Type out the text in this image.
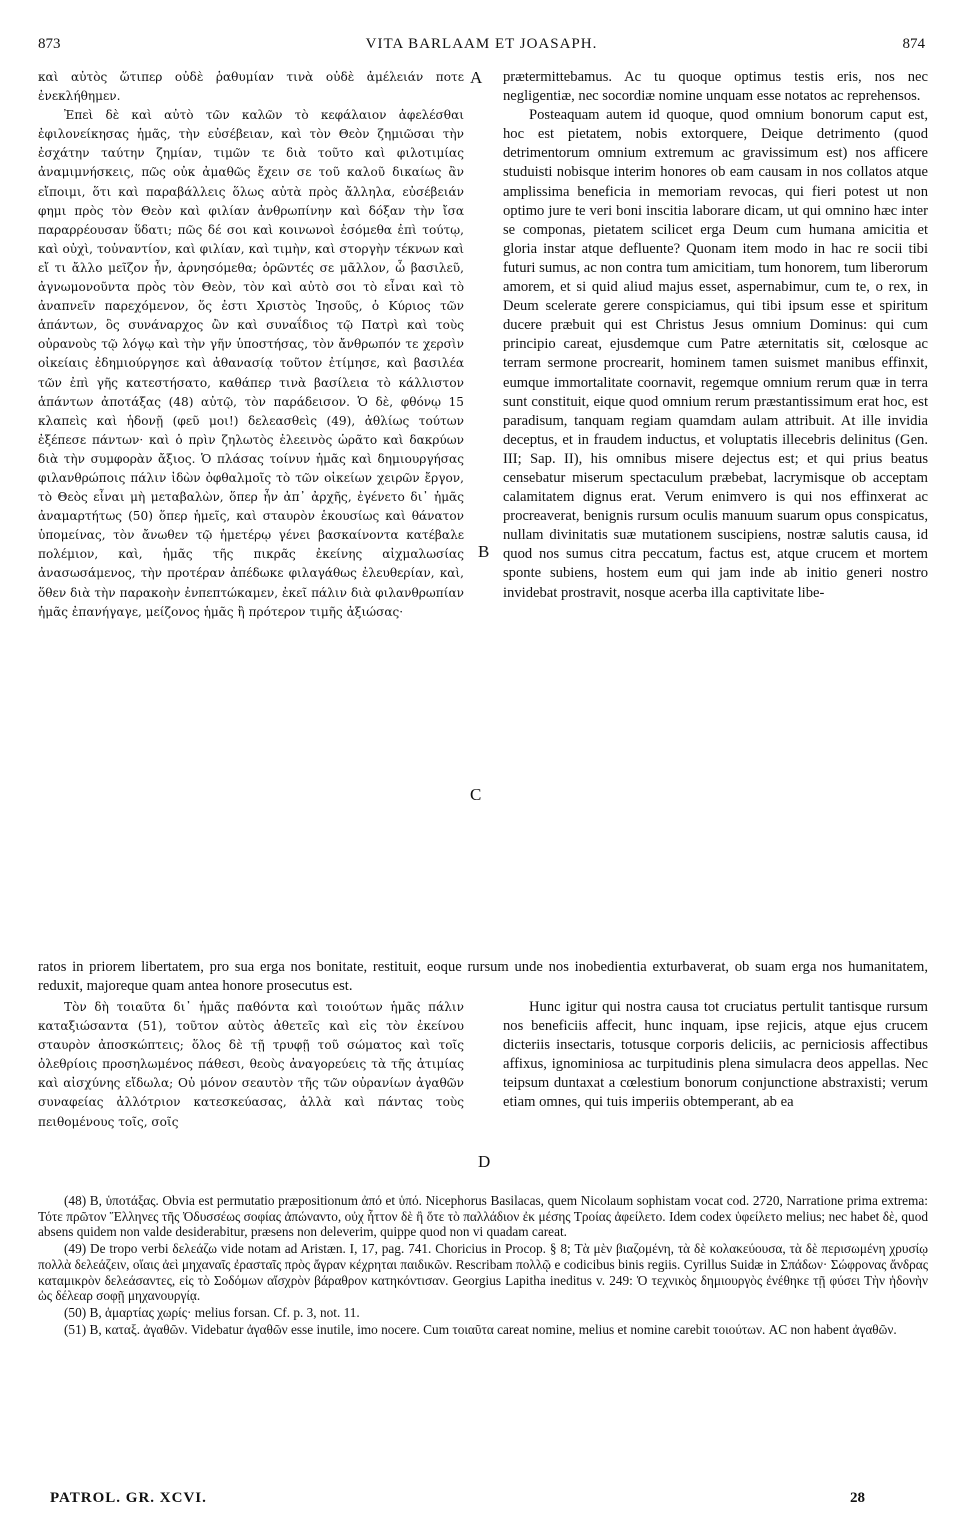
873	VITA BARLAAM ET JOASAPH.	874

καὶ αὐτὸς ὥτιπερ οὐδὲ ῥαθυμίαν τινὰ οὐδὲ ἀμέλειάν ποτε ἐνεκλήθημεν.

Ἐπεὶ δὲ καὶ αὐτὸ τῶν καλῶν τὸ κεφάλαιον ἀφελέσθαι ἐφιλονείκησας ἡμᾶς, τὴν εὐσέβειαν, καὶ τὸν Θεὸν ζημιῶσαι τὴν ἐσχάτην ταύτην ζημίαν, τιμῶν τε διὰ τοῦτο καὶ φιλοτιμίας ἀναμιμνήσκεις, πῶς οὐκ ἀμαθῶς ἔχειν σε τοῦ καλοῦ δικαίως ἂν εἴποιμι, ὅτι καὶ παραβάλλεις ὅλως αὐτὰ πρὸς ἄλληλα, εὐσέβειάν φημι πρὸς τὸν Θεὸν καὶ φιλίαν ἀνθρωπίνην καὶ δόξαν τὴν ἴσα παραρρέουσαν ὕδατι; πῶς δέ σοι καὶ κοινωνοὶ ἐσόμεθα ἐπὶ τούτῳ, καὶ οὐχὶ, τοὐναντίον, καὶ φιλίαν, καὶ τιμὴν, καὶ στοργὴν τέκνων καὶ εἴ τι ἄλλο μεῖζον ἦν, ἀρνησόμεθα; ὁρῶντές σε μᾶλλον, ὦ βασιλεῦ, ἀγνωμονοῦντα πρὸς τὸν Θεὸν, τὸν καὶ αὐτὸ σοι τὸ εἶναι καὶ τὸ ἀναπνεῖν παρεχόμενον, ὅς ἐστι Χριστὸς Ἰησοῦς, ὁ Κύριος τῶν ἁπάντων, ὃς συνάναρχος ὢν καὶ συναΐδιος τῷ Πατρὶ καὶ τοὺς οὐρανοὺς τῷ λόγῳ καὶ τὴν γῆν ὑποστήσας, τὸν ἄνθρωπόν τε χερσὶν οἰκείαις ἐδημιούργησε καὶ ἀθανασίᾳ τοῦτον ἐτίμησε, καὶ βασιλέα τῶν ἐπὶ γῆς κατεστήσατο, καθάπερ τινὰ βασίλεια τὸ κάλλιστον ἁπάντων ἀποτάξας (48) αὐτῷ, τὸν παράδεισον. Ὁ δὲ, φθόνῳ 15 κλαπεὶς καὶ ἡδονῇ (φεῦ μοι!) δελεασθεὶς (49), ἀθλίως τούτων ἐξέπεσε πάντων· καὶ ὁ πρὶν ζηλωτὸς ἐλεεινὸς ὡρᾶτο καὶ δακρύων διὰ τὴν συμφορὰν ἄξιος. Ὁ πλάσας τοίνυν ἡμᾶς καὶ δημιουργήσας φιλανθρώποις πάλιν ἰδὼν ὀφθαλμοῖς τὸ τῶν οἰκείων χειρῶν ἔργον, τὸ Θεὸς εἶναι μὴ μεταβαλὼν, ὅπερ ἦν ἀπ᾽ ἀρχῆς, ἐγένετο δι᾽ ἡμᾶς ἀναμαρτήτως (50) ὅπερ ἡμεῖς, καὶ σταυρὸν ἑκουσίως καὶ θάνατον ὑπομείνας, τὸν ἄνωθεν τῷ ἡμετέρῳ γένει βασκαίνοντα κατέβαλε πολέμιον, καὶ, ἡμᾶς τῆς πικρᾶς ἐκείνης αἰχμαλωσίας ἀνασωσάμενος, τὴν προτέραν ἀπέδωκε φιλαγάθως ἐλευθερίαν, καὶ, ὅθεν διὰ τὴν παρακοὴν ἐνπεπτώκαμεν, ἐκεῖ πάλιν διὰ φιλανθρωπίαν ἡμᾶς ἐπανήγαγε, μείζονος ἡμᾶς ἢ πρότερον τιμῆς ἀξιώσας·

prætermittebamus. Ac tu quoque optimus testis eris, nos nec negligentiæ, nec socordiæ nomine unquam esse notatos ac reprehensos.

Posteaquam autem id quoque, quod omnium bonorum caput est, hoc est pietatem, nobis extorquere, Deique detrimento (quod detrimentorum omnium extremum ac gravissimum est) nos afficere studuisti nobisque interim honores ob eam causam in nos collatos atque amplissima beneficia in memoriam revocas, qui fieri potest ut non optimo jure te veri boni inscitia laborare dicam, ut qui omnino hæc inter se componas, pietatem scilicet erga Deum cum humana amicitia et gloria instar atque defluente? Quonam item modo in hac re socii tibi futuri sumus, ac non contra tum amicitiam, tum honorem, tum liberorum amorem, et si quid aliud majus esset, aspernabimur, cum te, o rex, in Deum scelerate gerere conspiciamus, qui tibi ipsum esse et spiritum ducere præbuit qui est Christus Jesus omnium Dominus: qui cum principio careat, ejusdemque cum Patre æternitatis sit, cœlosque ac terram sermone procrearit, hominem tamen suismet manibus effinxit, eumque immortalitate coornavit, regemque omnium rerum quæ in terra sunt constituit, eique quod omnium rerum præstantissimum erat hoc, est paradisum, tanquam regiam quamdam aulam attribuit. At ille invidia deceptus, et in fraudem inductus, et voluptatis illecebris delinitus (Gen. III; Sap. II), his omnibus misere dejectus est; et qui prius beatus censebatur miserum spectaculum præbebat, lacrymisque ob acceptam calamitatem dignus erat. Verum enimvero is qui nos effinxerat ac procreaverat, benignis rursum oculis manuum suarum opus conspicatus, nullam divinitatis suæ mutationem suscipiens, nostræ salutis causa, id quod nos sumus citra peccatum, factus est, atque crucem et mortem sponte subiens, hostem eum qui jam inde ab initio generi nostro invidebat prostravit, nosque acerba illa captivitate libe-

A
B
C
D
ratos in priorem libertatem, pro sua erga nos bonitate, restituit, eoque rursum unde nos inobedientia exturbaverat, ob suam erga nos humanitatem, reduxit, majoreque quam antea honore prosecutus est.

Τὸν δὴ τοιαῦτα δι᾽ ἡμᾶς παθόντα καὶ τοιούτων ἡμᾶς πάλιν καταξιώσαντα (51), τοῦτον αὐτὸς ἀθετεῖς καὶ εἰς τὸν ἐκείνου σταυρὸν ἀποσκώπτεις; ὅλος δὲ τῇ τρυφῇ τοῦ σώματος καὶ τοῖς ὀλεθρίοις προσηλωμένος πάθεσι, θεοὺς ἀναγορεύεις τὰ τῆς ἀτιμίας καὶ αἰσχύνης εἴδωλα; Οὐ μόνον σεαυτὸν τῆς τῶν οὐρανίων ἀγαθῶν συναφείας ἀλλότριον κατεσκεύασας, ἀλλὰ καὶ πάντας τοὺς πειθομένους τοῖς, σοῖς

Hunc igitur qui nostra causa tot cruciatus pertulit tantisque rursum nos beneficiis affecit, hunc inquam, ipse rejicis, atque ejus crucem dicteriis insectaris, totusque corporis deliciis, ac perniciosis affectibus affixus, ignominiosa ac turpitudinis plena simulacra deos appellas. Nec teipsum duntaxat a cœlestium bonorum conjunctione abstraxisti; verum etiam omnes, qui tuis imperiis obtemperant, ab ea

(48) B, ὑποτάξας. Obvia est permutatio præpositionum ἀπό et ὑπό. Nicephorus Basilacas, quem Nicolaum sophistam vocat cod. 2720, Narratione prima extrema: Τότε πρῶτον Ἕλληνες τῆς Ὀδυσσέως σοφίας ἀπώναντο, οὐχ ἧττον δὲ ἢ ὅτε τὸ παλλάδιον ἐκ μέσης Τροίας ἀφείλετο. Idem codex ὑφείλετο melius; nec habet δὲ, quod absens quidem non valde desiderabitur, præsens non deleverim, quippe quod non vi quadam careat.

(49) De tropo verbi δελεάζω vide notam ad Aristæn. I, 17, pag. 741. Choricius in Procop. § 8; Τὰ μὲν βιαζομένη, τὰ δὲ κολακεύουσα, τὰ δὲ περισωμένη χρυσίῳ πολλὰ δελεάζειν, οἵαις ἀεὶ μηχαναῖς ἐρασταῖς πρὸς ἄγραν κέχρηται παιδικῶν. Rescribam πολλῷ e codicibus binis regiis. Cyrillus Suidæ in Σπάδων· Σώφρονας ἄνδρας καταμικρὸν δελεάσαντες, εἰς τὸ Σοδόμων αἴσχρὸν βάραθρον κατηκόντισαν. Georgius Lapitha ineditus v. 249: Ὁ τεχνικὸς δημιουργὸς ἐνέθηκε τῇ φύσει Τὴν ἡδονὴν ὡς δέλεαρ σοφῇ μηχανουργίᾳ.

(50) B, ἁμαρτίας χωρίς· melius forsan. Cf. p. 3, not. 11.

(51) B, καταξ. ἀγαθῶν. Videbatur ἀγαθῶν esse inutile, imo nocere. Cum τοιαῦτα careat nomine, melius et nomine carebit τοιούτων. AC non habent ἀγαθῶν.

PATROL. GR. XCVI.	28
